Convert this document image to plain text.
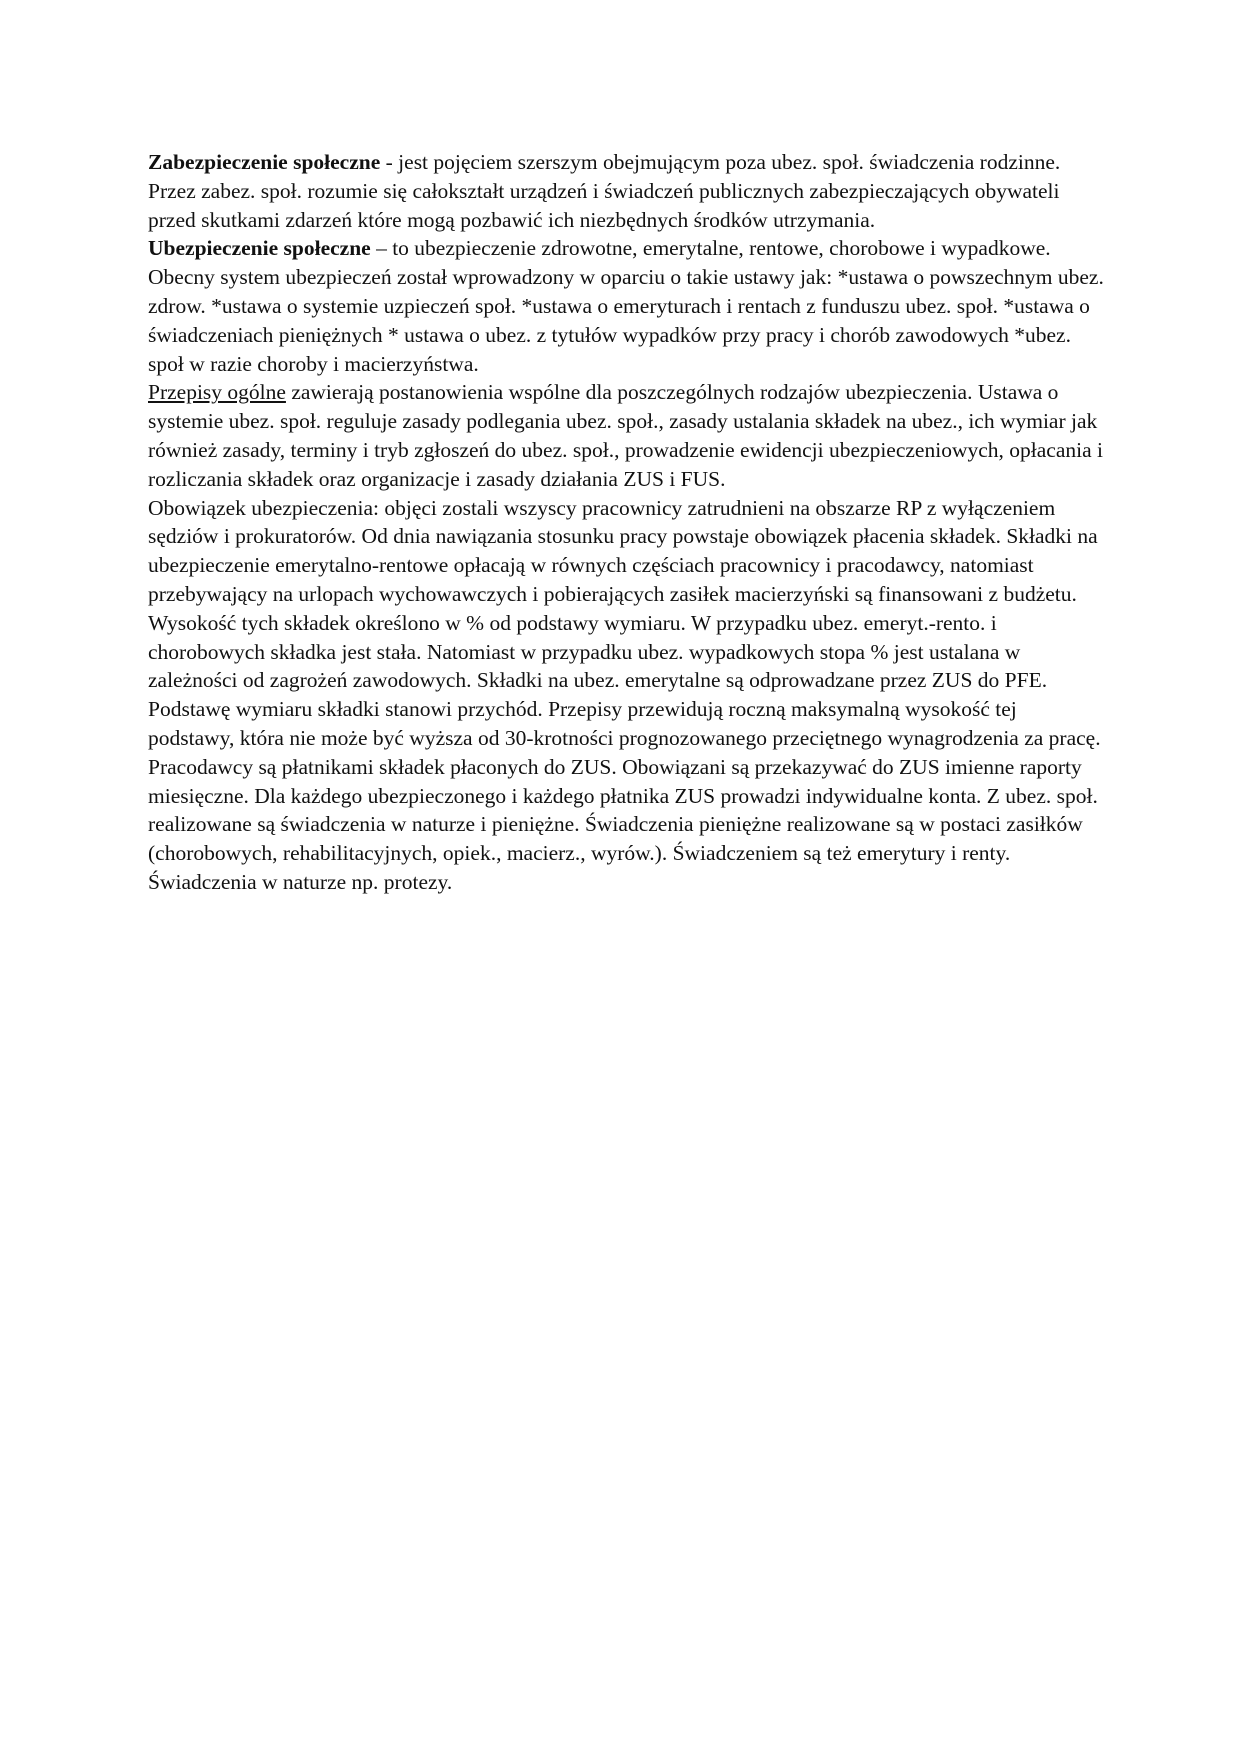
Zabezpieczenie społeczne - jest pojęciem szerszym obejmującym poza ubez. społ. świadczenia rodzinne. Przez zabez. społ. rozumie się całokształt urządzeń i świadczeń publicznych zabezpieczających obywateli przed skutkami zdarzeń które mogą pozbawić ich niezbędnych środków utrzymania.

Ubezpieczenie społeczne – to ubezpieczenie zdrowotne, emerytalne, rentowe, chorobowe i wypadkowe. Obecny system ubezpieczeń został wprowadzony w oparciu o takie ustawy jak: *ustawa o powszechnym ubez. zdrow. *ustawa o systemie uzpieczeń społ. *ustawa o emeryturach i rentach z funduszu ubez. społ. *ustawa o świadczeniach pieniężnych * ustawa o ubez. z tytułów wypadków przy pracy i chorób zawodowych *ubez. społ w razie choroby i macierzyństwa.

Przepisy ogólne zawierają postanowienia wspólne dla poszczególnych rodzajów ubezpieczenia. Ustawa o systemie ubez. społ. reguluje zasady podlegania ubez. społ., zasady ustalania składek na ubez., ich wymiar jak również zasady, terminy i tryb zgłoszeń do ubez. społ., prowadzenie ewidencji ubezpieczeniowych, opłacania i rozliczania składek oraz organizacje i zasady działania ZUS i FUS.

Obowiązek ubezpieczenia: objęci zostali wszyscy pracownicy zatrudnieni na obszarze RP z wyłączeniem sędziów i prokuratorów. Od dnia nawiązania stosunku pracy powstaje obowiązek płacenia składek. Składki na ubezpieczenie emerytalno-rentowe opłacają w równych częściach pracownicy i pracodawcy, natomiast przebywający na urlopach wychowawczych i pobierających zasiłek macierzyński są finansowani z budżetu. Wysokość tych składek określono w % od podstawy wymiaru. W przypadku ubez. emeryt.-rento. i chorobowych składka jest stała. Natomiast w przypadku ubez. wypadkowych stopa % jest ustalana w zależności od zagrożeń zawodowych. Składki na ubez. emerytalne są odprowadzane przez ZUS do PFE. Podstawę wymiaru składki stanowi przychód. Przepisy przewidują roczną maksymalną wysokość tej podstawy, która nie może być wyższa od 30-krotności prognozowanego przeciętnego wynagrodzenia za pracę. Pracodawcy są płatnikami składek płaconych do ZUS. Obowiązani są przekazywać do ZUS imienne raporty miesięczne. Dla każdego ubezpieczonego i każdego płatnika ZUS prowadzi indywidualne konta. Z ubez. społ. realizowane są świadczenia w naturze i pieniężne. Świadczenia pieniężne realizowane są w postaci zasiłków (chorobowych, rehabilitacyjnych, opiek., macierz., wyrów.). Świadczeniem są też emerytury i renty. Świadczenia w naturze np. protezy.
